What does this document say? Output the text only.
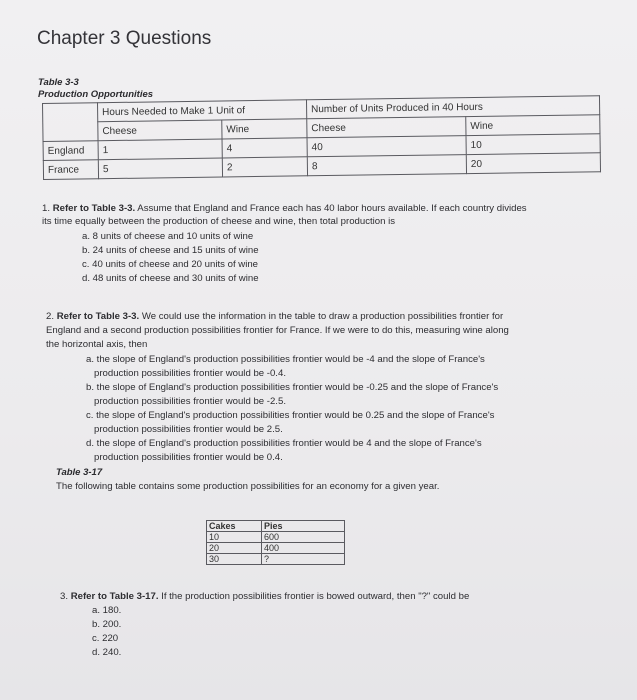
Chapter 3 Questions
Table 3-3
Production Opportunities
	Hours Needed to Make 1 Unit of		Number of Units Produced in 40 Hours	
	Cheese	Wine	Cheese	Wine
England	1	4	40	10
France	5	2	8	20
1. Refer to Table 3-3. Assume that England and France each has 40 labor hours available. If each country divides
its time equally between the production of cheese and wine, then total production is
a. 8 units of cheese and 10 units of wine
b. 24 units of cheese and 15 units of wine
c. 40 units of cheese and 20 units of wine
d. 48 units of cheese and 30 units of wine
2. Refer to Table 3-3. We could use the information in the table to draw a production possibilities frontier for
England and a second production possibilities frontier for France. If we were to do this, measuring wine along
the horizontal axis, then
a. the slope of England's production possibilities frontier would be -4 and the slope of France's
production possibilities frontier would be -0.4.
b. the slope of England's production possibilities frontier would be -0.25 and the slope of France's
production possibilities frontier would be -2.5.
c. the slope of England's production possibilities frontier would be 0.25 and the slope of France's
production possibilities frontier would be 2.5.
d. the slope of England's production possibilities frontier would be 4 and the slope of France's
production possibilities frontier would be 0.4.
Table 3-17
The following table contains some production possibilities for an economy for a given year.
Cakes	Pies
10	600
20	400
30	?
3. Refer to Table 3-17. If the production possibilities frontier is bowed outward, then "?" could be
a. 180.
b. 200.
c. 220
d. 240.
